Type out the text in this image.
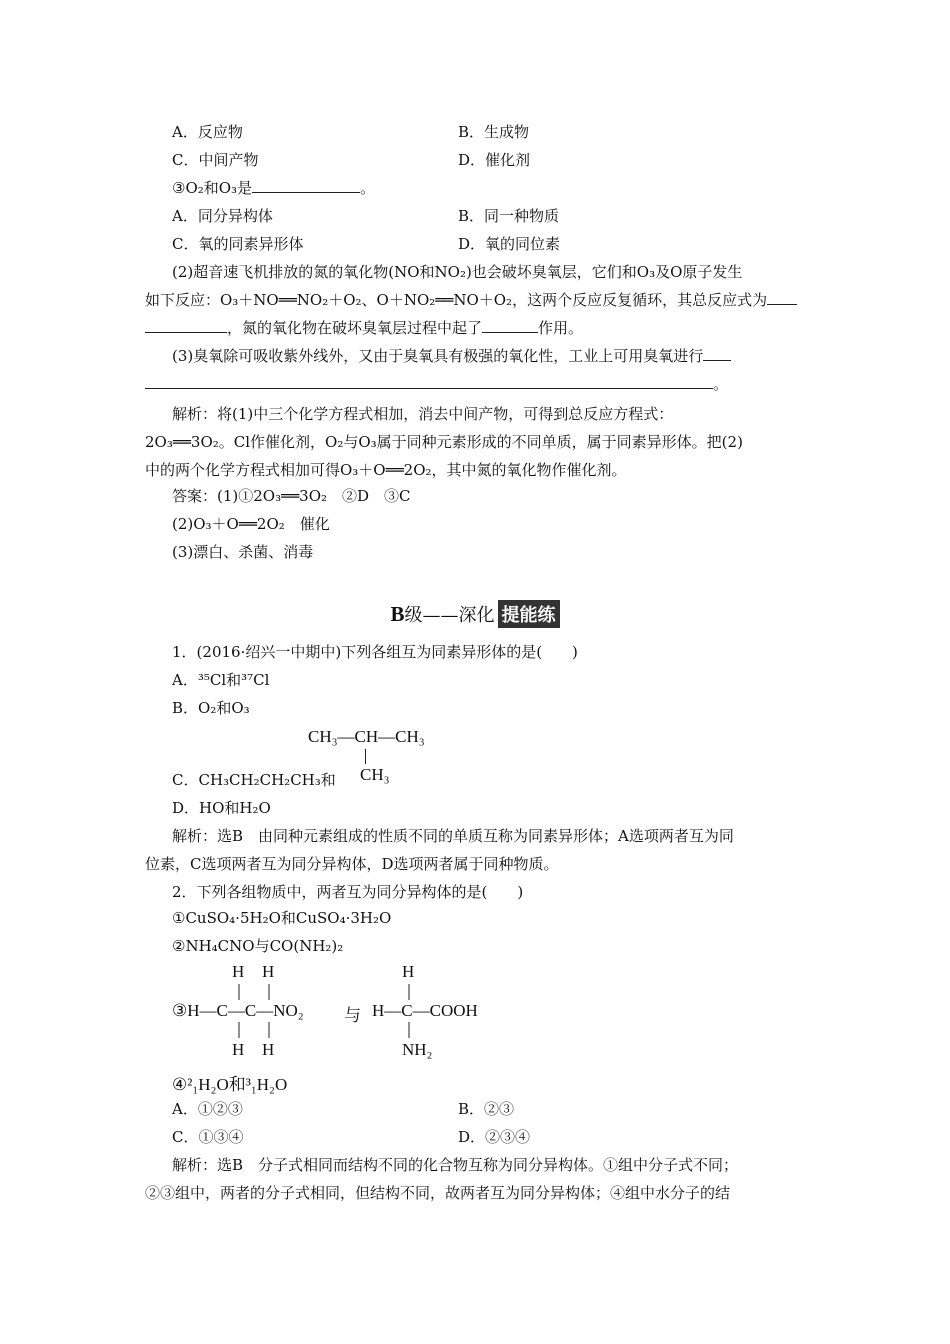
A．反应物	B．生成物
C．中间产物	D．催化剂
③O₂和O₃是	。
A．同分异构体	B．同一种物质
C．氧的同素异形体	D．氧的同位素
(2)超音速飞机排放的氮的氧化物(NO和NO₂)也会破坏臭氧层，它们和O₃及O原子发生
如下反应：O₃＋NO══NO₂＋O₂、O＋NO₂══NO＋O₂，这两个反应反复循环，其总反应式为
，氮的氧化物在破坏臭氧层过程中起了	作用。
(3)臭氧除可吸收紫外线外，又由于臭氧具有极强的氧化性，工业上可用臭氧进行
。
解析：将(1)中三个化学方程式相加，消去中间产物，可得到总反应方程式：
2O₃══3O₂。Cl作催化剂，O₂与O₃属于同种元素形成的不同单质，属于同素异形体。把(2)
中的两个化学方程式相加可得O₃＋O══2O₂，其中氮的氧化物作催化剂。
答案：(1)①2O₃══3O₂　②D　③C
(2)O₃＋O══2O₂　催化
(3)漂白、杀菌、消毒
B级——深化 提能练
1．(2016·绍兴一中期中)下列各组互为同素异形体的是(　　)
A．³⁵Cl和³⁷Cl
B．O₂和O₃
CH₃—CH—CH₃
CH₃
C．CH₃CH₂CH₂CH₃和
D．HO和H₂O
解析：选B　由同种元素组成的性质不同的单质互称为同素异形体；A选项两者互为同
位素，C选项两者互为同分异构体，D选项两者属于同种物质。
2．下列各组物质中，两者互为同分异构体的是(　　)
①CuSO₄·5H₂O和CuSO₄·3H₂O
②NH₄CNO与CO(NH₂)₂
H H
③H—C—C—NO₂
H H
与
H
H—C—COOH
NH₂
④²₁H₂O和³₁H₂O
A．①②③	B．②③
C．①③④	D．②③④
解析：选B　分子式相同而结构不同的化合物互称为同分异构体。①组中分子式不同；
②③组中，两者的分子式相同，但结构不同，故两者互为同分异构体；④组中水分子的结
